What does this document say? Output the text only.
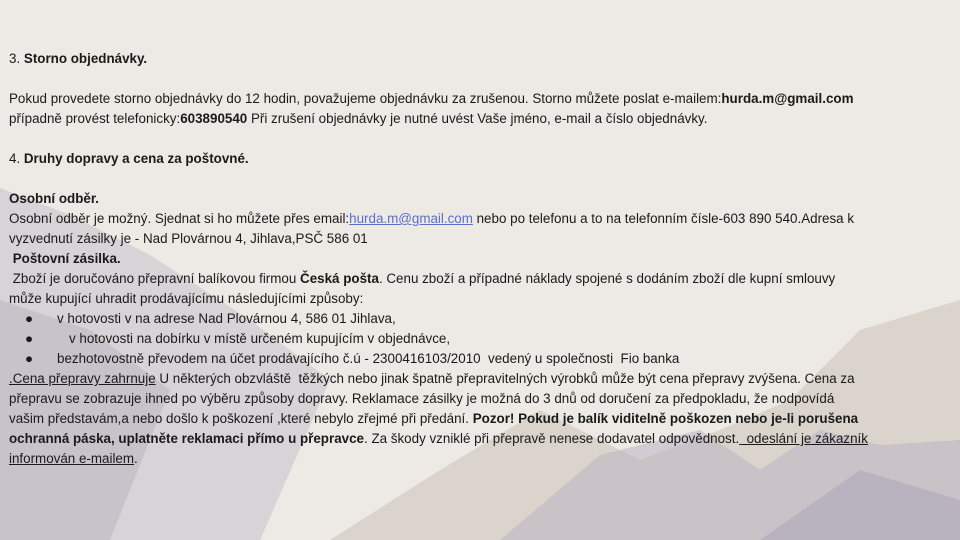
3. Storno objednávky.
Pokud provedete storno objednávky do 12 hodin, považujeme objednávku za zrušenou. Storno můžete poslat e-mailem:hurda.m@gmail.com
případně provést telefonicky:603890540 Při zrušení objednávky je nutné uvést Vaše jméno, e-mail a číslo objednávky.
4. Druhy dopravy a cena za poštovné.
Osobní odběr.
Osobní odběr je možný. Sjednat si ho můžete přes email:hurda.m@gmail.com nebo po telefonu a to na telefonním čísle-603 890 540.Adresa k
vyzvednutí zásilky je - Nad Plovárnou 4, Jihlava,PSČ 586 01
Poštovní zásilka.
Zboží je doručováno přepravní balíkovou firmou Česká pošta. Cenu zboží a případné náklady spojené s dodáním zboží dle kupní smlouvy
může kupující uhradit prodávajícímu následujícími způsoby:
● v hotovosti v na adrese Nad Plovárnou 4, 586 01 Jihlava,
●	v hotovosti na dobírku v místě určeném kupujícím v objednávce,
● bezhotovostně převodem na účet prodávajícího č.ú - 2300416103/2010  vedený u společnosti  Fio banka
.Cena přepravy zahrnuje U některých obzvláště  těžkých nebo jinak špatně přepravitelných výrobků může být cena přepravy zvýšena. Cena za
přepravu se zobrazuje ihned po výběru způsoby dopravy. Reklamace zásilky je možná do 3 dnů od doručení za předpokladu, že nodpovídá
vašim představám,a nebo došlo k poškození ,které nebylo zřejmé při předání. Pozor! Pokud je balík viditelně poškozen nebo je-li porušena
ochranná páska, uplatněte reklamaci přímo u přepravce. Za škody vzniklé při přepravě nenese dodavatel odpovědnost.  odeslání je zákazník
informován e-mailem.
